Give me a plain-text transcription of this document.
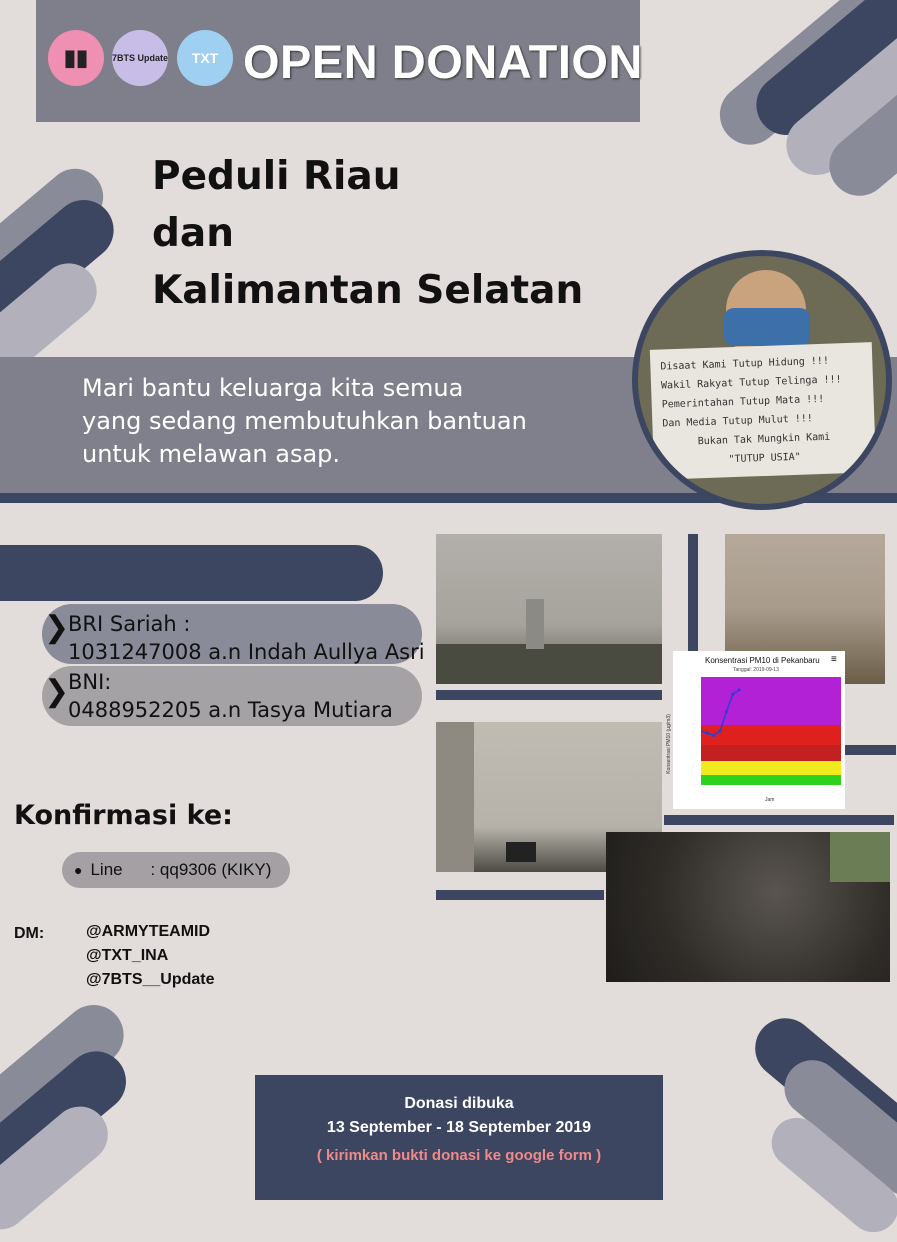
▮▮	7BTS Update TXT OPEN DONATION
Peduli Riau
dan
Kalimantan Selatan
Mari bantu keluarga kita semua
yang sedang membutuhkan bantuan
untuk melawan asap.
Disaat Kami Tutup Hidung !!!
Wakil Rakyat Tutup Telinga !!!
Pemerintahan Tutup Mata !!!
Dan Media Tutup Mulut !!!
Bukan Tak Mungkin Kami
"TUTUP USIA"
❯
❯
BRI Sariah :
1031247008 a.n Indah Aullya Asri
BNI:
0488952205 a.n Tasya Mutiara
Konsentrasi PM10 di Pekanbaru ≡
Tanggal: 2019-09-13
Konsentrasi PM10 (µg/m3)
Jam
Konfirmasi ke:
● Line	: qq9306 (KIKY)
DM:	@ARMYTEAMID
@TXT_INA
@7BTS__Update
Donasi dibuka
13 September - 18 September 2019
( kirimkan bukti donasi ke google form )
